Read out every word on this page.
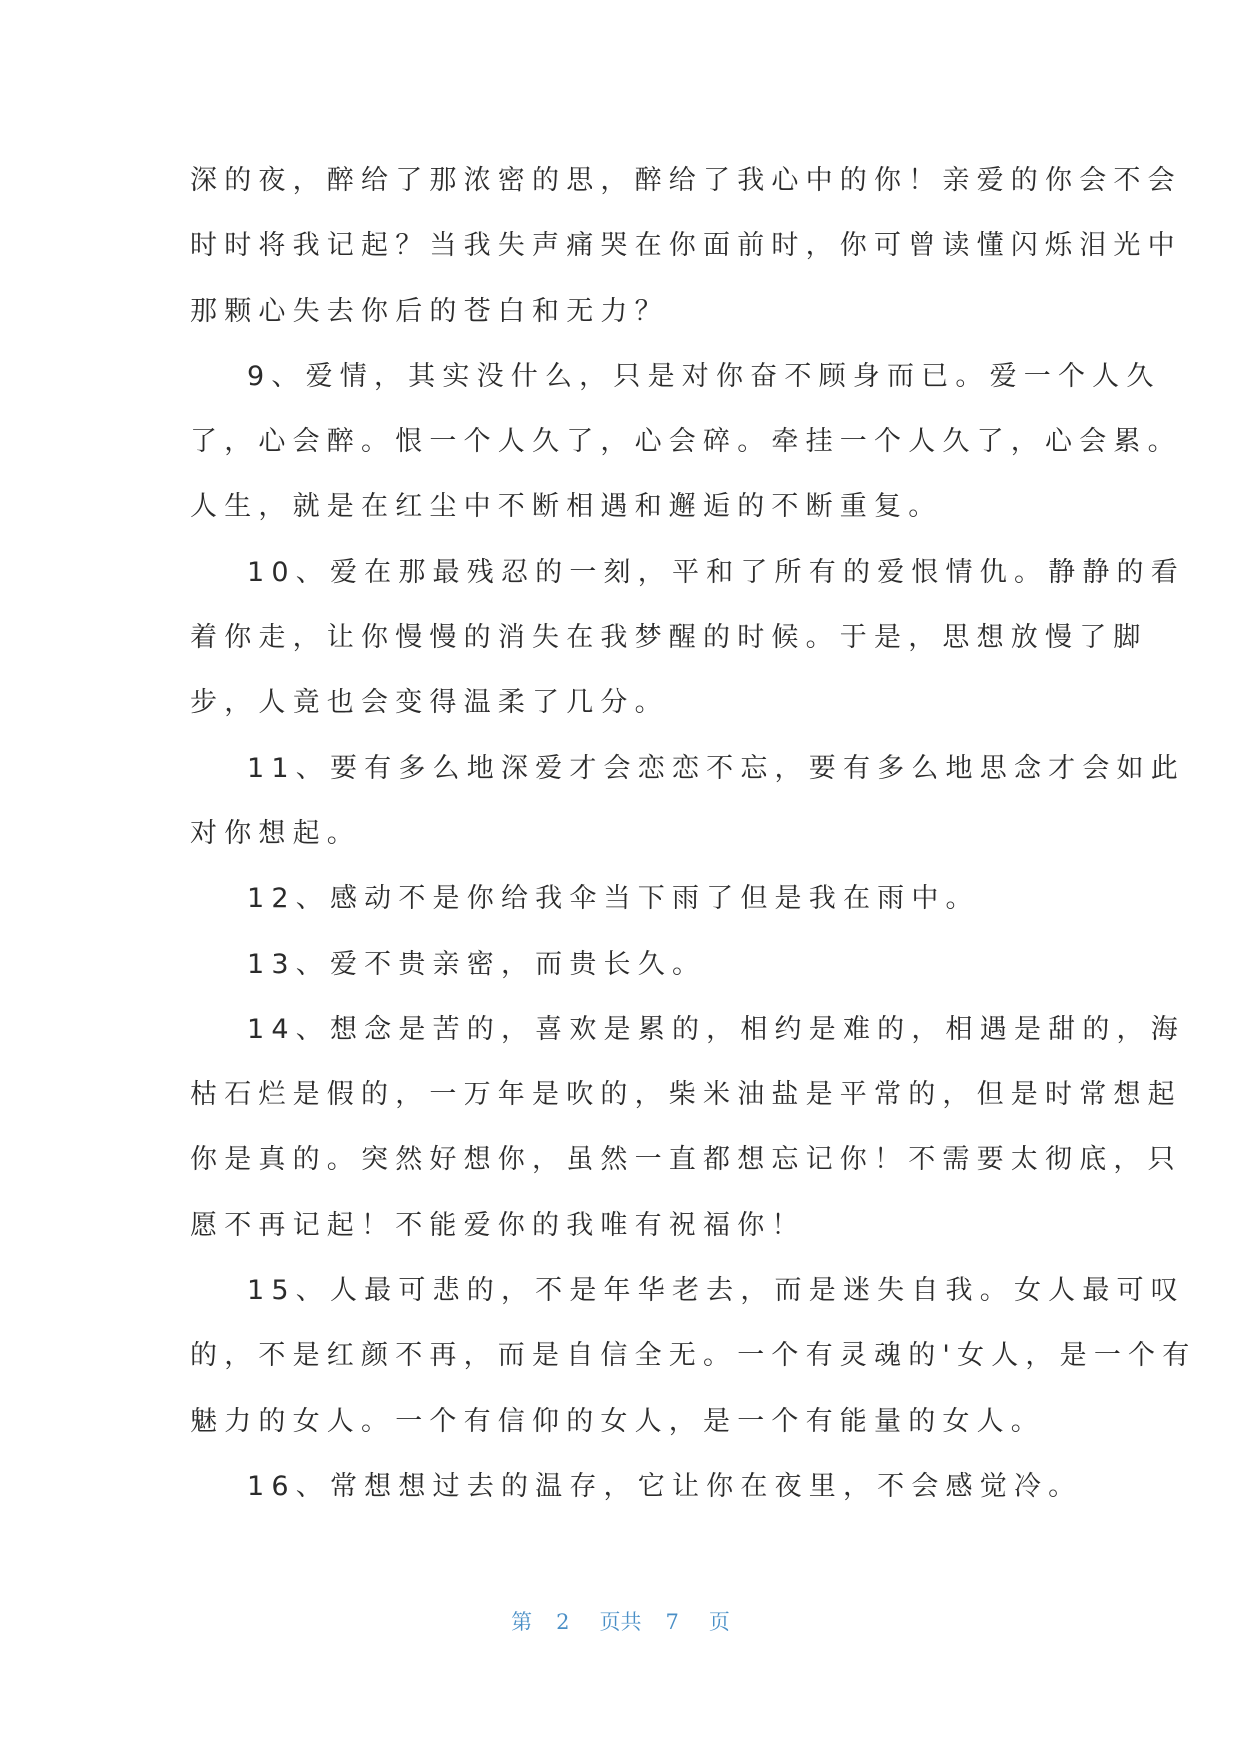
深的夜，醉给了那浓密的思，醉给了我心中的你！亲爱的你会不会
时时将我记起？当我失声痛哭在你面前时，你可曾读懂闪烁泪光中
那颗心失去你后的苍白和无力？
9、爱情，其实没什么，只是对你奋不顾身而已。爱一个人久
了，心会醉。恨一个人久了，心会碎。牵挂一个人久了，心会累。
人生，就是在红尘中不断相遇和邂逅的不断重复。
10、爱在那最残忍的一刻，平和了所有的爱恨情仇。静静的看
着你走，让你慢慢的消失在我梦醒的时候。于是，思想放慢了脚
步，人竟也会变得温柔了几分。
11、要有多么地深爱才会恋恋不忘，要有多么地思念才会如此
对你想起。
12、感动不是你给我伞当下雨了但是我在雨中。
13、爱不贵亲密，而贵长久。
14、想念是苦的，喜欢是累的，相约是难的，相遇是甜的，海
枯石烂是假的，一万年是吹的，柴米油盐是平常的，但是时常想起
你是真的。突然好想你，虽然一直都想忘记你！不需要太彻底，只
愿不再记起！不能爱你的我唯有祝福你！
15、人最可悲的，不是年华老去，而是迷失自我。女人最可叹
的，不是红颜不再，而是自信全无。一个有灵魂的'女人，是一个有
魅力的女人。一个有信仰的女人，是一个有能量的女人。
16、常想想过去的温存，它让你在夜里，不会感觉冷。
第 2 页共 7 页
